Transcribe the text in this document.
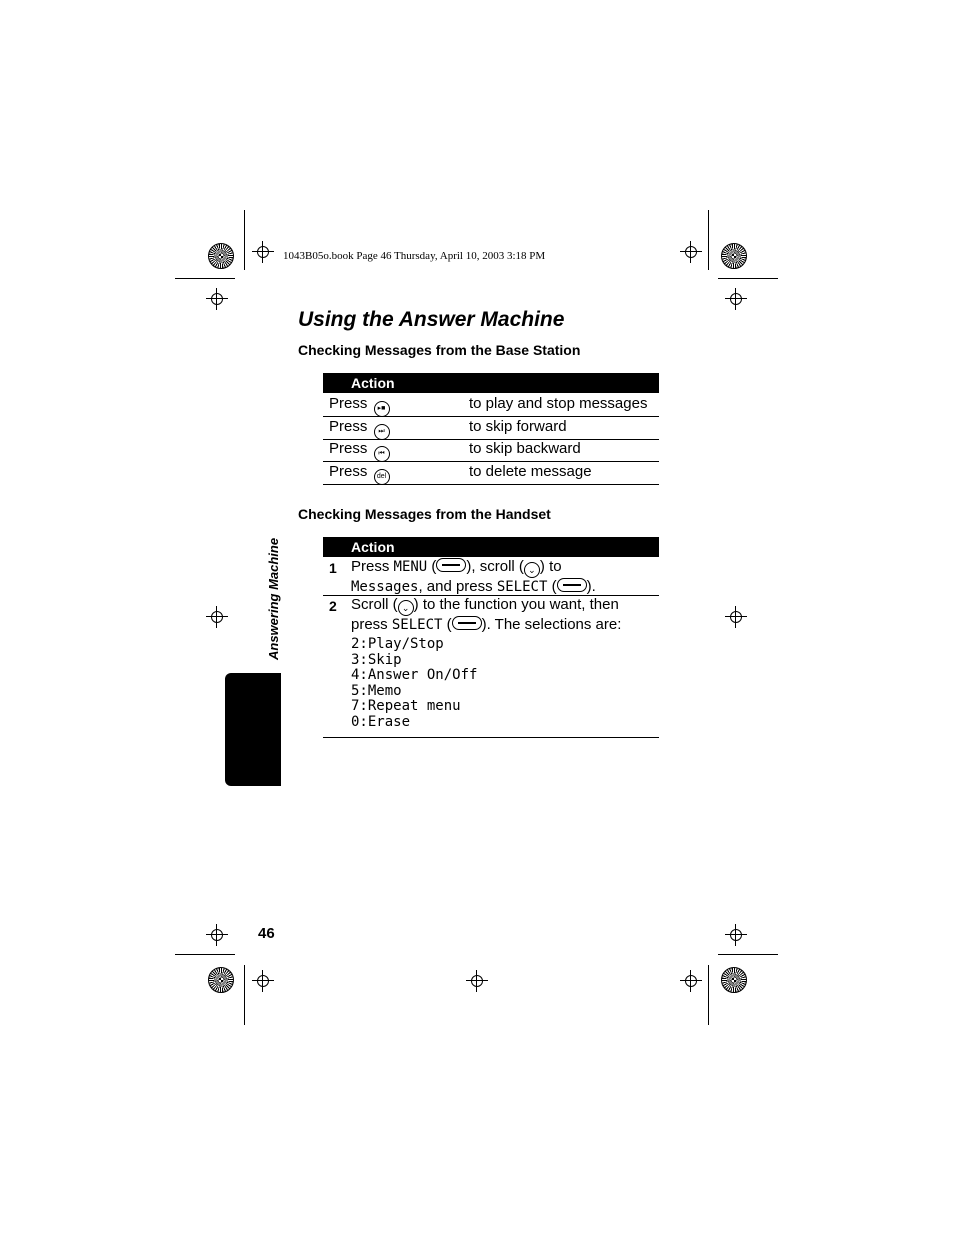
1043B05o.book Page 46 Thursday, April 10, 2003 3:18 PM
Using the Answer Machine
Checking Messages from the Base Station
Action
Press ▸■	to play and stop messages
Press ⏭	to skip forward
Press ⏮	to skip backward
Press del	to delete message
Checking Messages from the Handset
Action
1 Press MENU ( ), scroll ( ⌄ ) to
Messages, and press SELECT ( ).
2 Scroll ( ⌄ ) to the function you want, then
press SELECT ( ). The selections are:
2:Play/Stop
3:Skip
4:Answer On/Off
5:Memo
7:Repeat menu
0:Erase
Answering Machine
46
